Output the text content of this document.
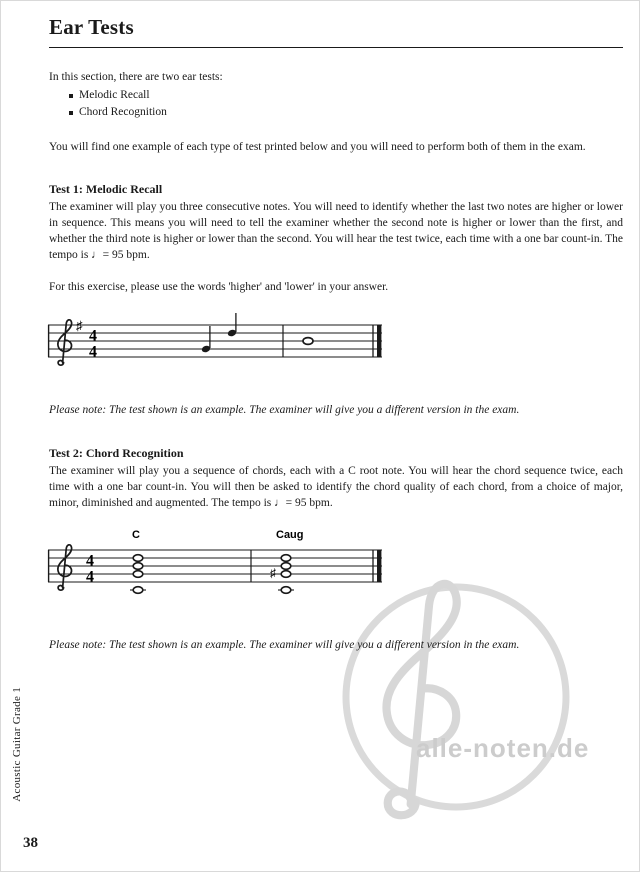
alle-noten.de
Ear Tests

In this section, there are two ear tests:

Melodic Recall
Chord Recognition

You will find one example of each type of test printed below and you will need to perform both of them in the exam.

Test 1: Melodic Recall

The examiner will play you three consecutive notes. You will need to identify whether the last two notes are higher or lower in sequence. This means you will need to tell the examiner whether the second note is higher or lower than the first, and whether the third note is higher or lower than the second. You will hear the test twice, each time with a one bar count-in. The tempo is ♩= 95 bpm.

For this exercise, please use the words 'higher' and 'lower' in your answer.

♯
4
4

Please note: The test shown is an example. The examiner will give you a different version in the exam.

Test 2: Chord Recognition

The examiner will play you a sequence of chords, each with a C root note. You will hear the chord sequence twice, each time with a one bar count-in. You will then be asked to identify the chord quality of each chord, from a choice of major, minor, diminished and augmented. The tempo is ♩= 95 bpm.

C	Caug
4
4	♯

Please note: The test shown is an example. The examiner will give you a different version in the exam.

Acoustic Guitar Grade 1
38
